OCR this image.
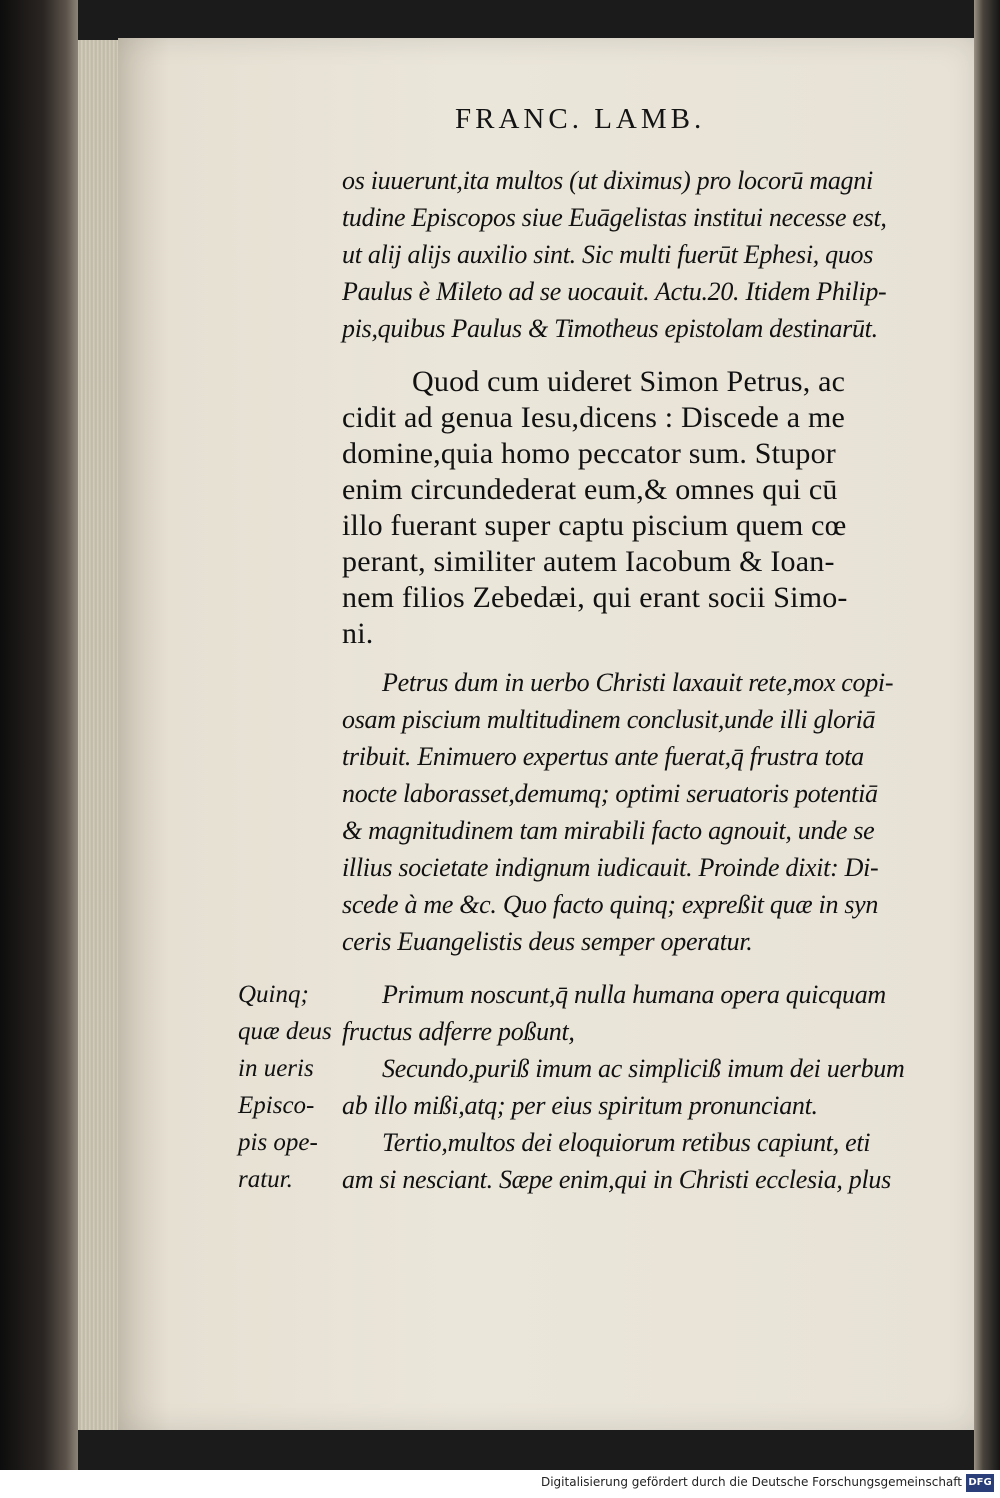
FRANC. LAMB.
os iuuerunt,ita multos (ut diximus) pro locorū magni
tudine Episcopos siue Euāgelistas institui necesse est,
ut alij alijs auxilio sint. Sic multi fuerūt Ephesi, quos
Paulus è Mileto ad se uocauit. Actu.20. Itidem Philip-
pis,quibus Paulus & Timotheus epistolam destinarūt.
Quod cum uideret Simon Petrus, ac
cidit ad genua Iesu,dicens : Discede a me
domine,quia homo peccator sum. Stupor
enim circundederat eum,& omnes qui cū
illo fuerant super captu piscium quem cœ
perant, similiter autem Iacobum & Ioan-
nem filios Zebedæi, qui erant socii Simo-
ni.
Petrus dum in uerbo Christi laxauit rete,mox copi-
osam piscium multitudinem conclusit,unde illi gloriā
tribuit. Enimuero expertus ante fuerat,q̄ frustra tota
nocte laborasset,demumq; optimi seruatoris potentiā
& magnitudinem tam mirabili facto agnouit, unde se
illius societate indignum iudicauit. Proinde dixit: Di-
scede à me &c. Quo facto quinq; expreßit quæ in syn
ceris Euangelistis deus semper operatur.
Primum noscunt,q̄ nulla humana opera quicquam
fructus adferre poßunt,
Secundo,puriß imum ac simpliciß imum dei uerbum
ab illo mißi,atq; per eius spiritum pronunciant.
Tertio,multos dei eloquiorum retibus capiunt, eti
am si nesciant. Sæpe enim,qui in Christi ecclesia, plus
Quinq;
quæ deus
in ueris
Episco-
pis ope-
ratur.
Digitalisierung gefördert durch die Deutsche Forschungsgemeinschaft DFG
